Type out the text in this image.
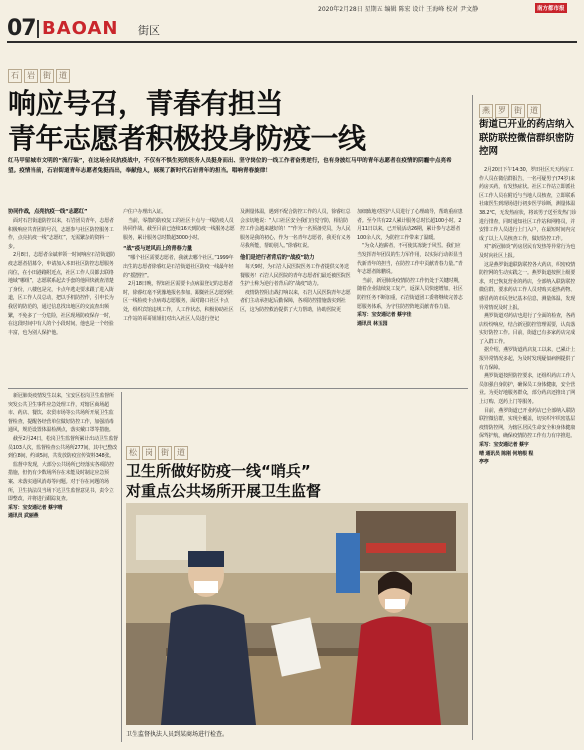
2020年2月28日 星期五 编辑 陈宏 设计 王海峰 校对 尹文静	南方都市报
07 BAOAN 街区
石 岩 街 道
响应号召，青春有担当
青年志愿者积极投身防疫一线
红马甲留城市文明的“流行装”，在这场全民抗疫战中，不仅有不惧生死的医务人员挺身而出、坚守岗位的一线工作者奋勇逆行，也有身披红马甲的青年志愿者在疫情的阴霾中点亮希望。疫情当前，石岩街道青年志愿者兔挺而出，奉献他人，展现了新时代石岩青年的担当。唱响青春旋律！

协同作战，点亮抗疫一线“志愿红”

面对石岩街道防控以来，石岩团员青年，志愿者积极响应共青团的号召，志愿参与社区防控服务工作，点亮抗疫一线“志愿红”，无需繁杂的资料一步。

2月8日，志愿者余斌率领一时间响应石岩街道防疫志愿者招募令，申请加入本田社区防控志愿服务岗位，在小田港路附近点，社区工作人员都去联络地域“哪组”，志愿联系起去手套的他回快就查清楚了身份，八楼包是完，卡点年逃走要求跟了进入街道，区工作人员总动，把以手机防控作，引申长为我居的防范的，通过信息找出地区的交流查出频繁，不免多了一分危险，社区现场防疫保存一时，在这段时间中有人的个小段时间，他也是一个经验丰富，也为别人保护他。

户住户办理出入证。

当前，零散的防疫复工的社区卡点与一线防疫人员协同作战，截至目前已连续16天到防疫一线服务志愿服务，累计服务总时数超3000小时。

“战”疫与逆风而上的青春力量

“哪个社区需要志愿者，我就去哪个社区。”1999年出生的志愿者徐睿红是石岩街道社区防疫一线最年轻的“摇摆控”。

2月18日晚，得知社区需要卡点病温登记的志愿者时，徐睿红毫不犹豫地报名参加，跟随社区志愿到社区一线检疫卡点病毒志愿服务，面对路口社区卡点处，组织宾馆违规工作，人工作状态，积极协助社区工作站的哥哥姐姐们对出入社区人员进行登记

及测量体温，遇到不配合防控工作的人员，徐睿红总会亲切地说：“人口社区安全我们自觉守防，相信防控工作会越来越好的！”“作为一名预备党员，为人民服务是我的初心，作为一名青年志愿者，我更有义务尽我所能，帮助别人。”徐睿红说。

他们是逆行者背后的“战疫”助力

每天9时，为石岩人民医院医务工作者提供义务送餐服务！石岩人民医院的青年志愿者们最近被医院医生护士称为逆行者背后的“战疫”助力。

疫情防控阻击战打响以来，石岩人民医院青年志愿者们主动承担起后勤保障，各项防控措施落实到社区，这为防控救治提供了大力帮助，协助医院更

加细致地对医护人员进行了心理疏导，帮助重症患者。至今共有22人累计服务总时长超100小时。2月11日以来，已开展活动26期，累计参与志愿者100余人次，为防控工作带来了温暖。

“为众人抱薪者，不可使其冻毙于风雪。我们应当发挥青年团员的生力军作用，以实际行动彰显当代新青年的担当，在防控工作中贡献青春力量。”青年志愿者陈鹏说。

当前，新冠肺炎疫情防控工作仍处于关键时期，随着企业陆续复工复产，返深人员快速增加，社区防控任务不断加重，石岩街道团工委将继续完善志愿服务体系，为守住防控阵地贡献青春力量。

采写：宝安通记者 蔡宇佳
通讯员 林玉园
燕 罗 街 道
街道已开业的药店纳入联防联控微信群织密防控网

2月20日下午14:30，罗田社区天天药房工作人员在微信群报告，一名可疑男子(74岁)来药房买药，有发热症状。社区工作站立即派社区工作人员在附近与当地人员核查，立即联系社康医生到现场进行初步医学诊断，测量体温38.2℃，无发热症状，将该男子送至发热门诊进行排查，同时通知社区工作站和网格员，并安排工作人员进行上门入户，在最短时间内完成了以上人员核查工作，做好防控工作。

对“新冠肺炎”药房居民有发热等异常行为也及时向社区上报。

这是燕罗街道联防联控各大药店，织密疫情防控网的生动实践之一。燕罗街道按照上级要求，对已恢复营业的药店，全部纳入联防联控微信群，要求药店工作人员对购买退热药物、感冒药的市民登记基本信息，测量体温，发现异常情况及时上报。

燕罗街道对药店也进行了全面的检查，各药店纷纷响应，结合新冠防控管理需要，认真落实好防控工作。目前，街道已有多家药店完成了入群工作。

据介绍，燕罗街道药店复工以来，已累计上报异常情况多起，为及时发现疑似病例提供了有力保障。

燕罗街道按照防控要求，还组织药店工作人员加强自身防护，确保员工身体健康，安全营业。为更好地服务群众，部分药店还推出了网上订购、送药上门等服务。

目前，燕罗街道已开业药店已全部纳入联防联控微信群，实现全覆盖，切实织牢织密基层疫情防控网，为辖区居民生命安全和身体健康保驾护航，确保疫情防控工作有力有序推进。

采写：宝安通记者 蔡宇
晴 通讯员 陈刚 何培根 程
亭亭

新冠肺炎疫情发生以来，宝安区松岗卫生监督所突发公共卫生事件应急处理工作，对辖区商场超市、药店、餐饮、农贸市场等公共场所开展卫生监督检查，提醒各经营单位做好防控工作，加强消毒通风，规范设置体温检测点，落实戴口罩等措施。

截至2月24日，松岗卫生监督所累计出动卫生监督员103人次，监督检查公共场所277间，其中已整改到位8间，约谈5间，共发放防疫宣传资料348张。

监督中发现，大部分公共场所已经落实各项防控措施，但仍有少数场所存在未能及时制定应急预案、未落实通风消毒等问题。对于存在问题的场所，卫生执法员当场下达卫生监督意见书，责令立即整改，并将进行跟踪复查。

采写：宝安通记者 蔡宇晴
通讯员 武丽燕
松 岗 街 道
卫生所做好防疫一线“哨兵”
对重点公共场所开展卫生监督
卫生监督执法人员到某商场进行检查。
